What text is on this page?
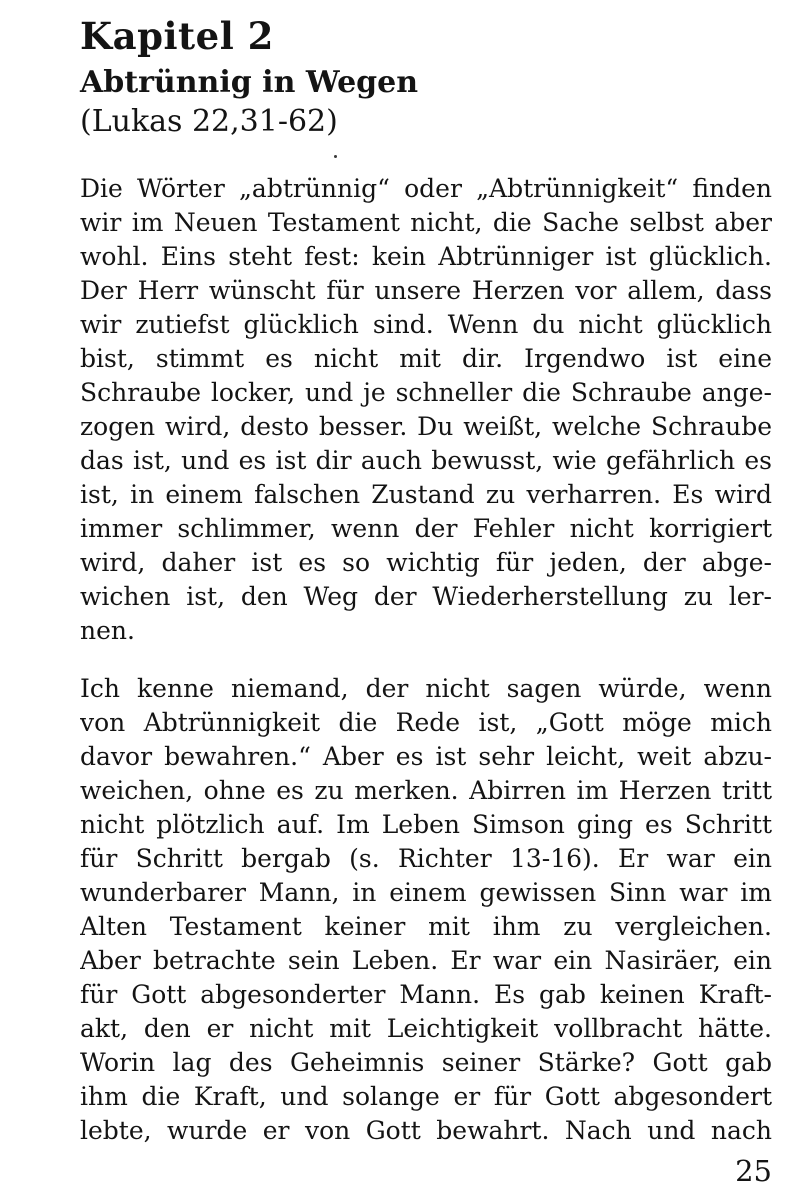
Kapitel 2
Abtrünnig in Wegen
(Lukas 22,31-62)
Die Wörter „abtrünnig“ oder „Abtrünnigkeit“ finden
wir im Neuen Testament nicht, die Sache selbst aber
wohl. Eins steht fest: kein Abtrünniger ist glücklich.
Der Herr wünscht für unsere Herzen vor allem, dass
wir zutiefst glücklich sind. Wenn du nicht glücklich
bist, stimmt es nicht mit dir. Irgendwo ist eine
Schraube locker, und je schneller die Schraube ange-
zogen wird, desto besser. Du weißt, welche Schraube
das ist, und es ist dir auch bewusst, wie gefährlich es
ist, in einem falschen Zustand zu verharren. Es wird
immer schlimmer, wenn der Fehler nicht korrigiert
wird, daher ist es so wichtig für jeden, der abge-
wichen ist, den Weg der Wiederherstellung zu ler-
nen.
Ich kenne niemand, der nicht sagen würde, wenn
von Abtrünnigkeit die Rede ist, „Gott möge mich
davor bewahren.“ Aber es ist sehr leicht, weit abzu-
weichen, ohne es zu merken. Abirren im Herzen tritt
nicht plötzlich auf. Im Leben Simson ging es Schritt
für Schritt bergab (s. Richter 13-16). Er war ein
wunderbarer Mann, in einem gewissen Sinn war im
Alten Testament keiner mit ihm zu vergleichen.
Aber betrachte sein Leben. Er war ein Nasiräer, ein
für Gott abgesonderter Mann. Es gab keinen Kraft-
akt, den er nicht mit Leichtigkeit vollbracht hätte.
Worin lag des Geheimnis seiner Stärke? Gott gab
ihm die Kraft, und solange er für Gott abgesondert
lebte, wurde er von Gott bewahrt. Nach und nach
25
